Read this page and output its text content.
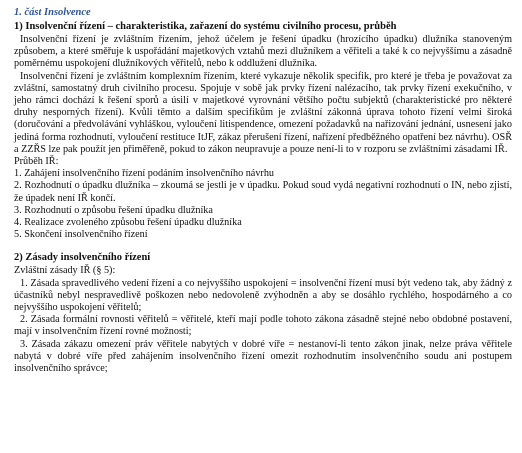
1. část Insolvence

1) Insolvenční řízení – charakteristika, zařazení do systému civilního procesu, průběh

Insolvenční řízení je zvláštním řízením, jehož účelem je řešení úpadku (hrozícího úpadku) dlužníka stanoveným způsobem, a které směřuje k uspořádání majetkových vztahů mezi dlužníkem a věřiteli a také k co nejvyššímu a zásadně poměrnému uspokojení dlužníkových věřitelů, nebo k oddlužení dlužníka.

Insolvenční řízení je zvláštním komplexním řízením, které vykazuje několik specifik, pro které je třeba je považovat za zvláštní, samostatný druh civilního procesu. Spojuje v sobě jak prvky řízení nalézacího, tak prvky řízení exekučního, v jeho rámci dochází k řešení sporů a úsilí v majetkové vyrovnání většího počtu subjektů (charakteristické pro některé druhy nesporných řízení). Kvůli těmto a dalším specifikům je zvláštní zákonná úprava tohoto řízení velmi široká (doručování a předvolávání vyhláškou, vyloučení litispendence, omezení požadavků na nařizování jednání, usnesení jako jediná forma rozhodnutí, vyloučení restituce ItJF, zákaz přerušení řízení, nařízení předběžného opatření bez návrhu). OSŘ a ZZŘS lze pak použít jen přiměřeně, pokud to zákon neupravuje a pouze není-li to v rozporu se zvláštními zásadami IŘ.

Průběh IŘ:

1. Zahájení insolvenčního řízení podáním insolvenčního návrhu

2. Rozhodnutí o úpadku dlužníka – zkoumá se jestli je v úpadku. Pokud soud vydá negativní rozhodnutí o IN, nebo zjistí, že úpadek není IŘ končí.

3. Rozhodnutí o způsobu řešení úpadku dlužníka

4. Realizace zvoleného způsobu řešení úpadku dlužníka

5. Skončení insolvenčního řízení

2) Zásady insolvenčního řízení

Zvláštní zásady IŘ (§ 5):

1. Zásada spravedlivého vedení řízení a co nejvyššího uspokojení = insolvenční řízení musí být vedeno tak, aby žádný z účastníků nebyl nespravedlivě poškozen nebo nedovoleně zvýhodněn a aby se dosáhlo rychlého, hospodárného a co nejvyššího uspokojení věřitelů;

2. Zásada formální rovnosti věřitelů = věřitelé, kteří mají podle tohoto zákona zásadně stejné nebo obdobné postavení, mají v insolvenčním řízení rovné možnosti;

3. Zásada zákazu omezení práv věřitele nabytých v dobré víře = nestanoví-li tento zákon jinak, nelze práva věřitele nabytá v dobré víře před zahájením insolvenčního řízení omezit rozhodnutím insolvenčního soudu ani postupem insolvenčního správce;
